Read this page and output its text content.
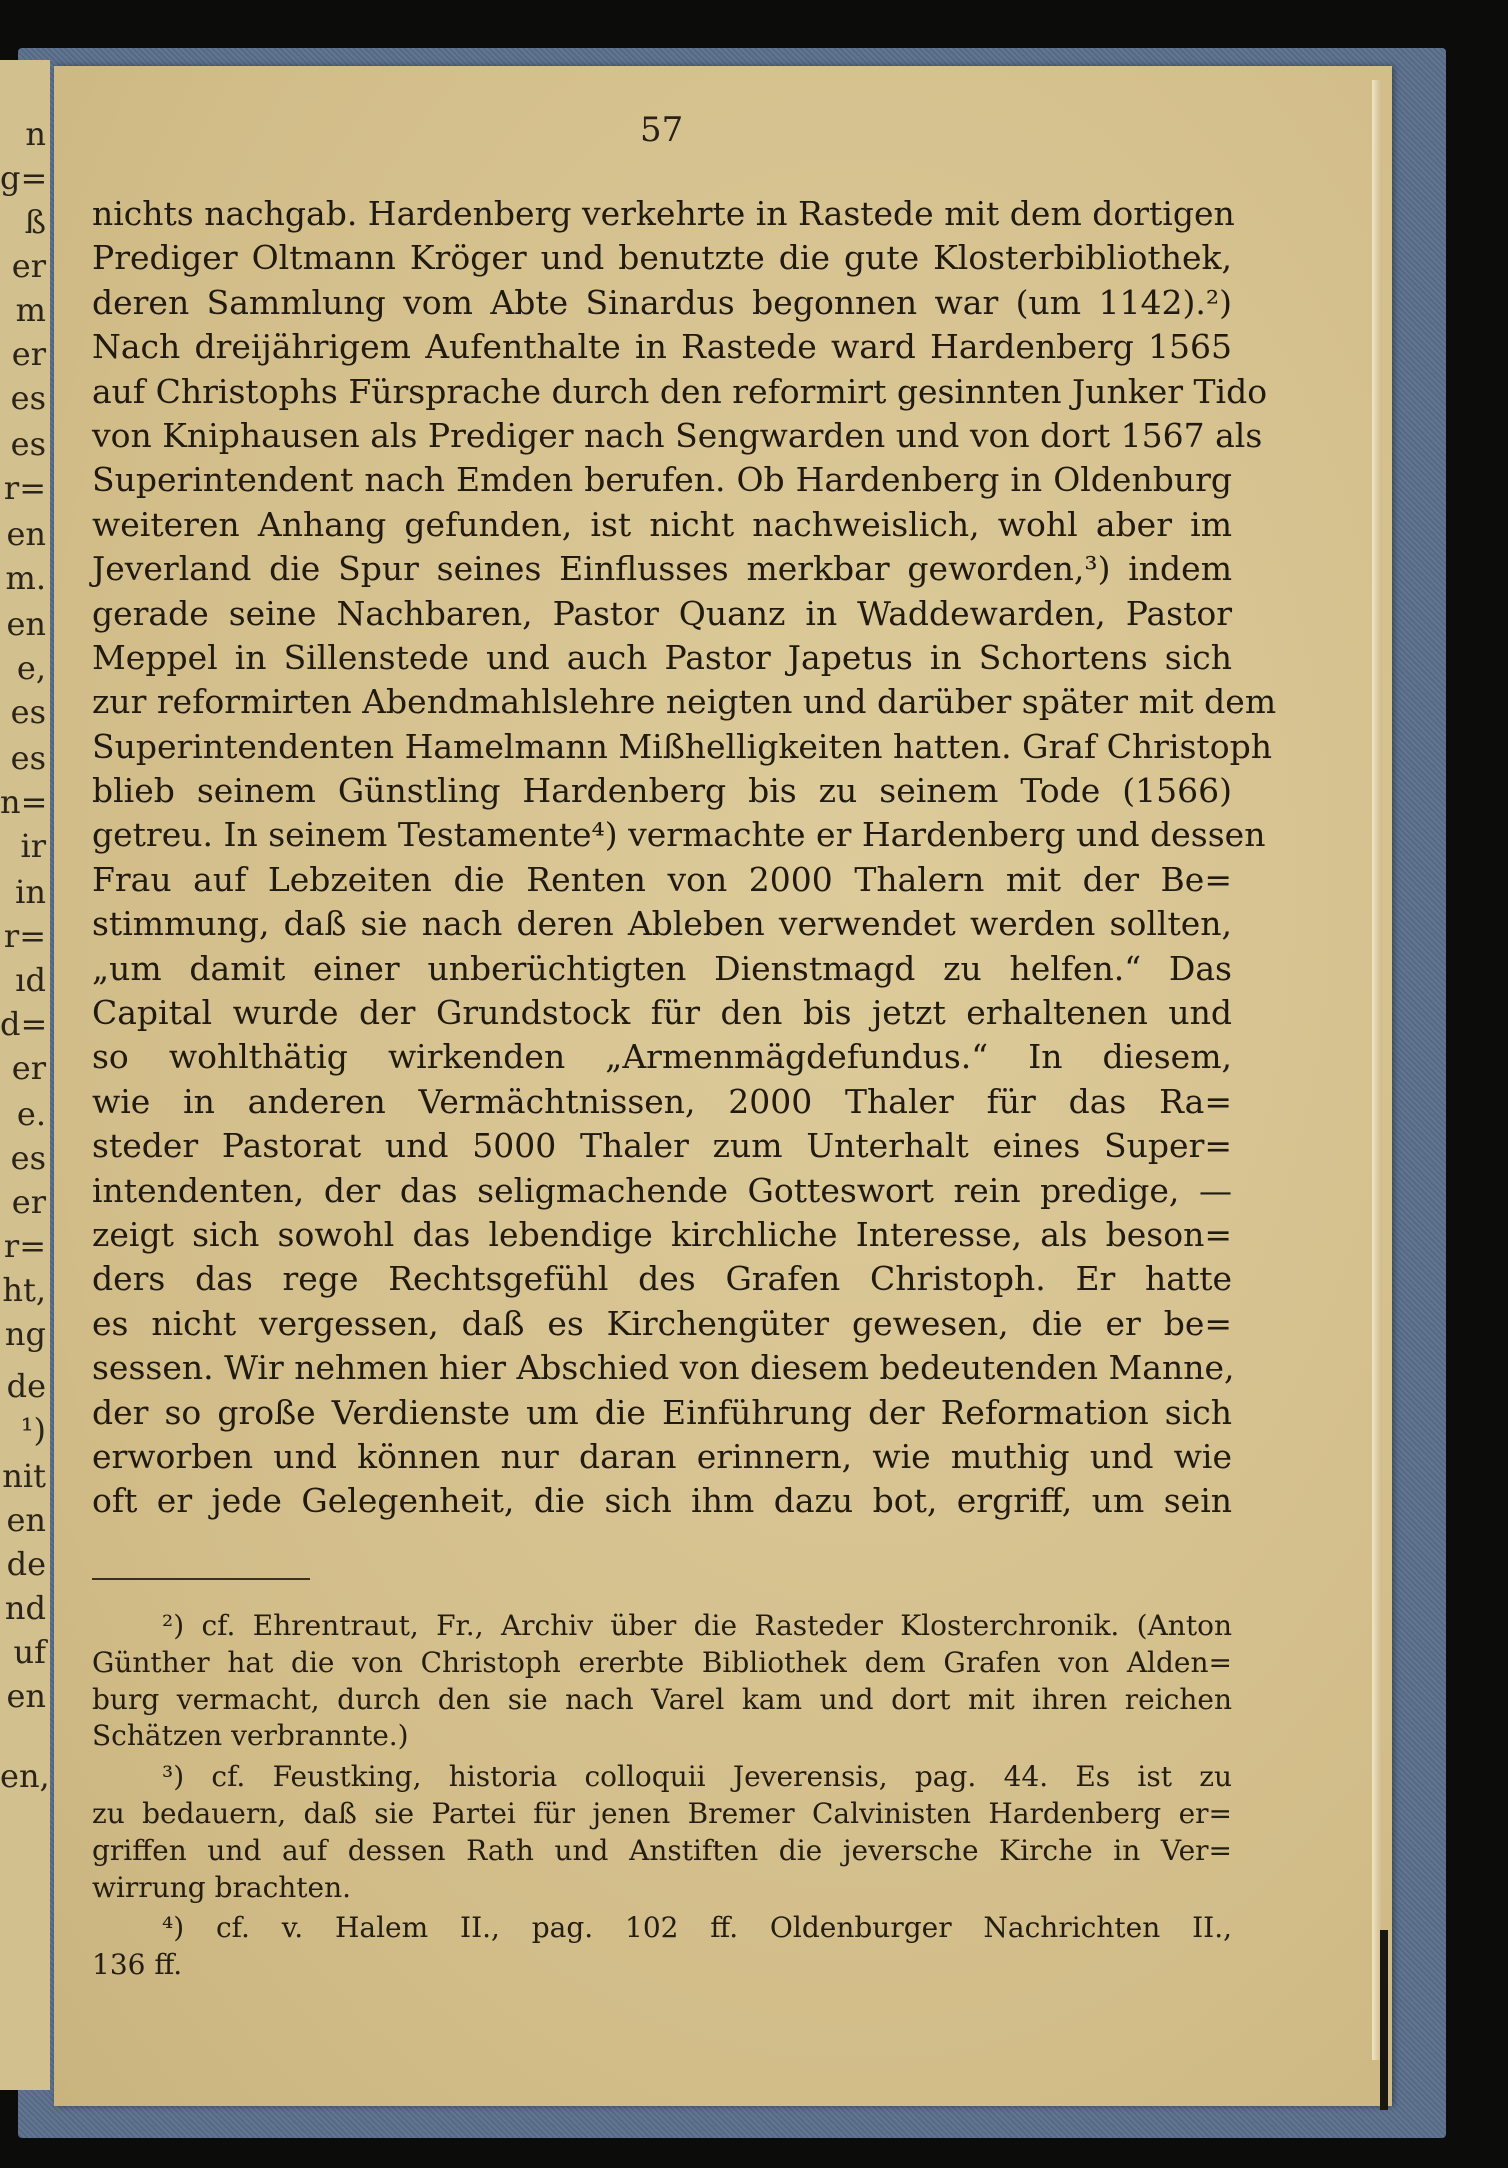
n
g=
ß
er
m
er
es
es
r=
en
m.
en
e,
es
es
n=
ir
in
r=
ıd
d=
er
e.
es
er
r=
ht,
ng
de
¹)
nit
en
de
nd
uf
en
en,
57
nichts nachgab. Hardenberg verkehrte in Rastede mit dem dortigen
Prediger Oltmann Kröger und benutzte die gute Klosterbibliothek,
deren Sammlung vom Abte Sinardus begonnen war (um 1142).²)
Nach dreijährigem Aufenthalte in Rastede ward Hardenberg 1565
auf Christophs Fürsprache durch den reformirt gesinnten Junker Tido
von Kniphausen als Prediger nach Sengwarden und von dort 1567 als
Superintendent nach Emden berufen. Ob Hardenberg in Oldenburg
weiteren Anhang gefunden, ist nicht nachweislich, wohl aber im
Jeverland die Spur seines Einflusses merkbar geworden,³) indem
gerade seine Nachbaren, Pastor Quanz in Waddewarden, Pastor
Meppel in Sillenstede und auch Pastor Japetus in Schortens sich
zur reformirten Abendmahlslehre neigten und darüber später mit dem
Superintendenten Hamelmann Mißhelligkeiten hatten. Graf Christoph
blieb seinem Günstling Hardenberg bis zu seinem Tode (1566)
getreu. In seinem Testamente⁴) vermachte er Hardenberg und dessen
Frau auf Lebzeiten die Renten von 2000 Thalern mit der Be=
stimmung, daß sie nach deren Ableben verwendet werden sollten,
„um damit einer unberüchtigten Dienstmagd zu helfen.“ Das
Capital wurde der Grundstock für den bis jetzt erhaltenen und
so wohlthätig wirkenden „Armenmägdefundus.“ In diesem,
wie in anderen Vermächtnissen, 2000 Thaler für das Ra=
steder Pastorat und 5000 Thaler zum Unterhalt eines Super=
intendenten, der das seligmachende Gotteswort rein predige, —
zeigt sich sowohl das lebendige kirchliche Interesse, als beson=
ders das rege Rechtsgefühl des Grafen Christoph. Er hatte
es nicht vergessen, daß es Kirchengüter gewesen, die er be=
sessen. Wir nehmen hier Abschied von diesem bedeutenden Manne,
der so große Verdienste um die Einführung der Reformation sich
erworben und können nur daran erinnern, wie muthig und wie
oft er jede Gelegenheit, die sich ihm dazu bot, ergriff, um sein
²) cf. Ehrentraut, Fr., Archiv über die Rasteder Klosterchronik. (Anton
Günther hat die von Christoph ererbte Bibliothek dem Grafen von Alden=
burg vermacht, durch den sie nach Varel kam und dort mit ihren reichen
Schätzen verbrannte.)
³) cf. Feustking, historia colloquii Jeverensis, pag. 44. Es ist zu
zu bedauern, daß sie Partei für jenen Bremer Calvinisten Hardenberg er=
griffen und auf dessen Rath und Anstiften die jeversche Kirche in Ver=
wirrung brachten.
⁴) cf. v. Halem II., pag. 102 ff. Oldenburger Nachrichten II.,
136 ff.
